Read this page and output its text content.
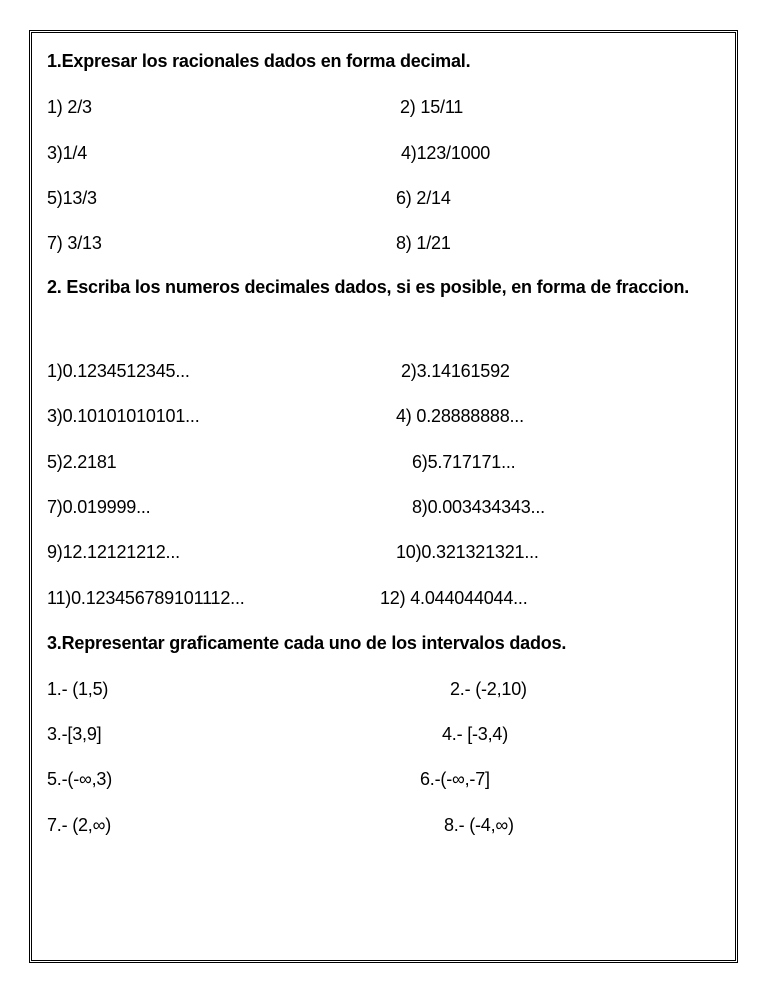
1.Expresar los racionales dados en forma decimal.
1) 2/3	2) 15/11
3)1/4	4)123/1000
5)13/3	6) 2/14
7) 3/13	8) 1/21
2. Escriba los numeros decimales dados, si es posible, en forma de fraccion.
1)0.1234512345...	2)3.14161592
3)0.10101010101...	4) 0.28888888...
5)2.2181	6)5.717171...
7)0.019999...	8)0.003434343...
9)12.12121212...	10)0.321321321...
11)0.123456789101112...	12) 4.044044044...
3.Representar graficamente cada uno de los intervalos dados.
1.- (1,5)	2.- (-2,10)
3.-[3,9]	4.- [-3,4)
5.-(-∞,3)	6.-(-∞,-7]
7.- (2,∞)	8.- (-4,∞)
